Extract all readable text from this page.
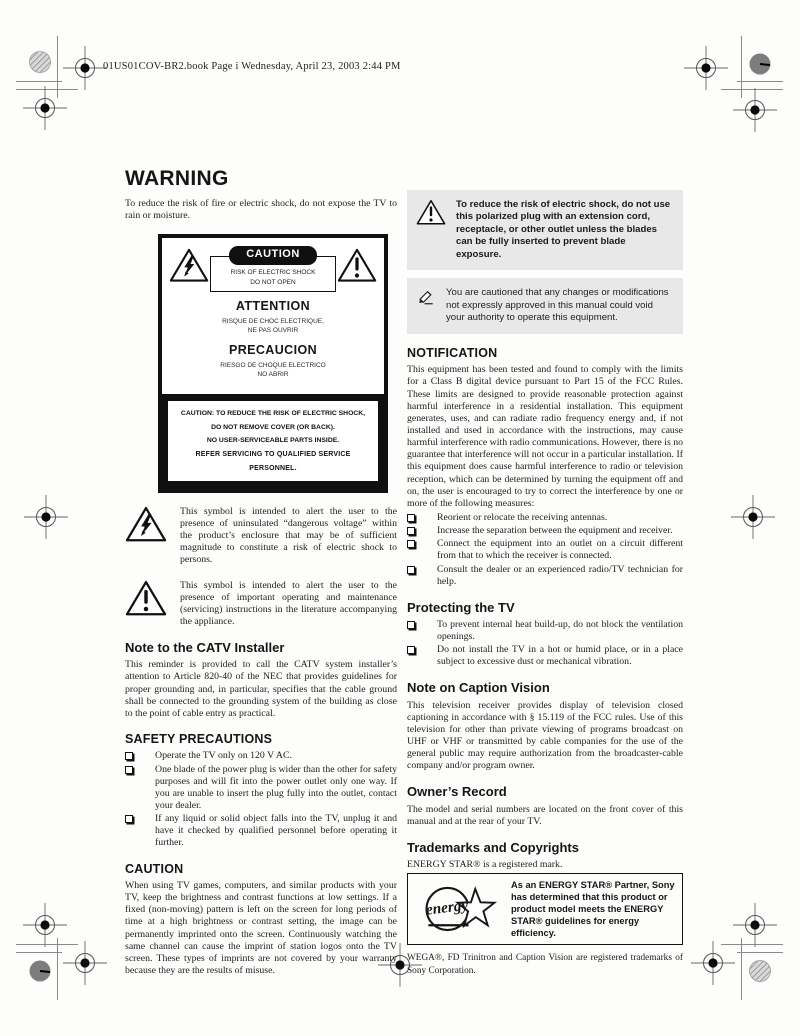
01US01COV-BR2.book Page i Wednesday, April 23, 2003 2:44 PM
WARNING

To reduce the risk of fire or electric shock, do not expose the TV to rain or moisture.

CAUTION
RISK OF ELECTRIC SHOCK
DO NOT OPEN
ATTENTION
RISQUE DE CHOC ELECTRIQUE,
NE PAS OUVRIR
PRECAUCION
RIESGO DE CHOQUE ELECTRICO
NO ABRIR
CAUTION: TO REDUCE THE RISK OF ELECTRIC SHOCK,
DO NOT REMOVE COVER (OR BACK).
NO USER-SERVICEABLE PARTS INSIDE.
REFER SERVICING TO QUALIFIED SERVICE PERSONNEL.
This symbol is intended to alert the user to the presence of uninsulated “dangerous voltage” within the product’s enclosure that may be of sufficient magnitude to constitute a risk of electric shock to persons.
This symbol is intended to alert the user to the presence of important operating and maintenance (servicing) instructions in the literature accompanying the appliance.
Note to the CATV Installer

This reminder is provided to call the CATV system installer’s attention to Article 820-40 of the NEC that provides guidelines for proper grounding and, in particular, specifies that the cable ground shall be connected to the grounding system of the building as close to the point of cable entry as practical.

SAFETY PRECAUTIONS
Operate the TV only on 120 V AC.
One blade of the power plug is wider than the other for safety purposes and will fit into the power outlet only one way. If you are unable to insert the plug fully into the outlet, contact your dealer.
If any liquid or solid object falls into the TV, unplug it and have it checked by qualified personnel before operating it further.
CAUTION

When using TV games, computers, and similar products with your TV, keep the brightness and contrast functions at low settings. If a fixed (non-moving) pattern is left on the screen for long periods of time at a high brightness or contrast setting, the image can be permanently imprinted onto the screen. Continuously watching the same channel can cause the imprint of station logos onto the TV screen. These types of imprints are not covered by your warranty because they are the results of misuse.

To reduce the risk of electric shock, do not use this polarized plug with an extension cord, receptacle, or other outlet unless the blades can be fully inserted to prevent blade exposure.
You are cautioned that any changes or modifications not expressly approved in this manual could void your authority to operate this equipment.
NOTIFICATION

This equipment has been tested and found to comply with the limits for a Class B digital device pursuant to Part 15 of the FCC Rules. These limits are designed to provide reasonable protection against harmful interference in a residential installation. This equipment generates, uses, and can radiate radio frequency energy and, if not installed and used in accordance with the instructions, may cause harmful interference with radio communications. However, there is no guarantee that interference will not occur in a particular installation. If this equipment does cause harmful interference to radio or television reception, which can be determined by turning the equipment off and on, the user is encouraged to try to correct the interference by one or more of the following measures:

Reorient or relocate the receiving antennas.
Increase the separation between the equipment and receiver.
Connect the equipment into an outlet on a circuit different from that to which the receiver is connected.
Consult the dealer or an experienced radio/TV technician for help.
Protecting the TV
To prevent internal heat build-up, do not block the ventilation openings.
Do not install the TV in a hot or humid place, or in a place subject to excessive dust or mechanical vibration.
Note on Caption Vision

This television receiver provides display of television closed captioning in accordance with § 15.119 of the FCC rules. Use of this television for other than private viewing of programs broadcast on UHF or VHF or transmitted by cable companies for the use of the general public may require authorization from the broadcaster-cable company and/or program owner.

Owner’s Record

The model and serial numbers are located on the front cover of this manual and at the rear of your TV.

Trademarks and Copyrights

ENERGY STAR® is a registered mark.

energy
As an ENERGY STAR® Partner, Sony has determined that this product or product model meets the ENERGY STAR® guidelines for energy efficiency.

WEGA®, FD Trinitron and Caption Vision are registered trademarks of Sony Corporation.
